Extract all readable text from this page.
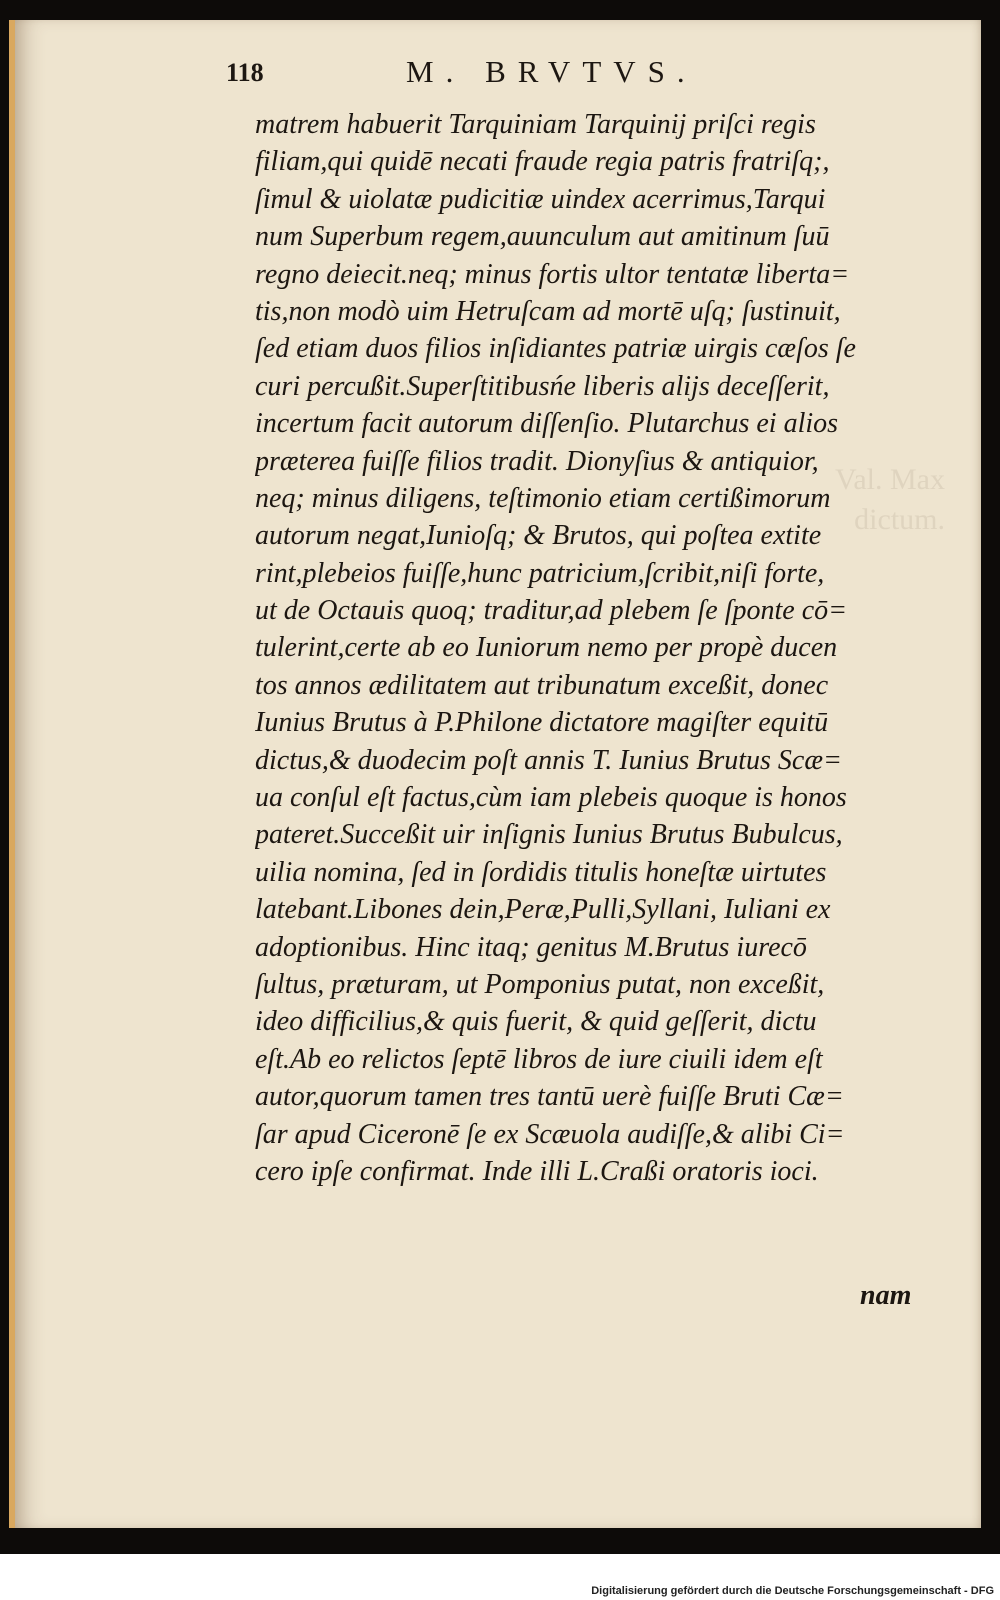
Val. Max
dictum.
118	M. BRVTVS.
matrem habuerit Tarquiniam Tarquinij priſci regis
filiam,qui quidē necati fraude regia patris fratriſq;,
ſimul & uiolatæ pudicitiæ uindex acerrimus,Tarqui
num Superbum regem,auunculum aut amitinum ſuū
regno deiecit.neq; minus fortis ultor tentatæ liberta=
tis,non modò uim Hetruſcam ad mortē uſq; ſustinuit,
ſed etiam duos filios inſidiantes patriæ uirgis cæſos ſe
curi percußit.Superſtitibusńe liberis alijs deceſſerit,
incertum facit autorum diſſenſio. Plutarchus ei alios
præterea fuiſſe filios tradit. Dionyſius & antiquior,
neq; minus diligens, teſtimonio etiam certißimorum
autorum negat,Iunioſq; & Brutos, qui poſtea extite
rint,plebeios fuiſſe,hunc patricium,ſcribit,niſi forte,
ut de Octauis quoq; traditur,ad plebem ſe ſponte cō=
tulerint,certe ab eo Iuniorum nemo per propè ducen
tos annos ædilitatem aut tribunatum exceßit, donec
Iunius Brutus à P.Philone dictatore magiſter equitū
dictus,& duodecim poſt annis T. Iunius Brutus Scæ=
ua conſul eſt factus,cùm iam plebeis quoque is honos
pateret.Succeßit uir inſignis Iunius Brutus Bubulcus,
uilia nomina, ſed in ſordidis titulis honeſtæ uirtutes
latebant.Libones dein,Peræ,Pulli,Syllani, Iuliani ex
adoptionibus. Hinc itaq; genitus M.Brutus iurecō
ſultus, præturam, ut Pomponius putat, non exceßit,
ideo difficilius,& quis fuerit, & quid geſſerit, dictu
eſt.Ab eo relictos ſeptē libros de iure ciuili idem eſt
autor,quorum tamen tres tantū uerè fuiſſe Bruti Cæ=
ſar apud Ciceronē ſe ex Scæuola audiſſe,& alibi Ci=
cero ipſe confirmat. Inde illi L.Craßi oratoris ioci.
nam
Digitalisierung gefördert durch die Deutsche Forschungsgemeinschaft - DFG
